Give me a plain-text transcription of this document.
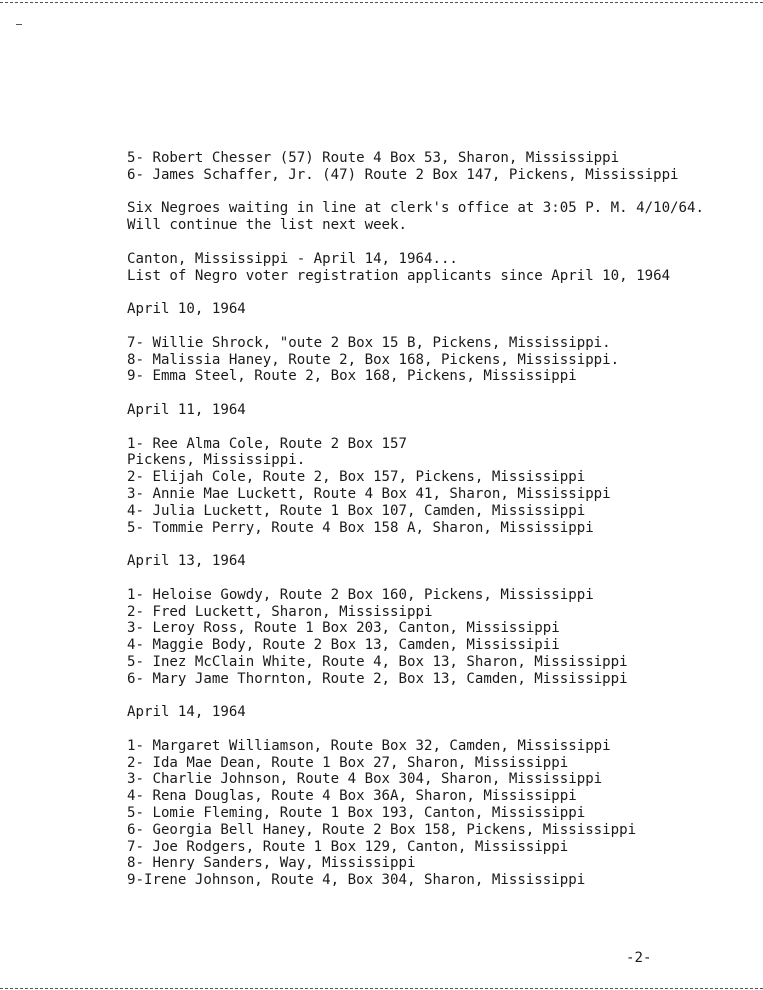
5- Robert Chesser (57) Route 4 Box 53, Sharon, Mississippi
6- James Schaffer, Jr. (47) Route 2 Box 147, Pickens, Mississippi
Six Negroes waiting in line at clerk's office at 3:05 P. M. 4/10/64.
Will continue the list next week.
Canton, Mississippi - April 14, 1964...
List of Negro voter registration applicants since April 10, 1964
April 10, 1964
7- Willie Shrock, "oute 2 Box 15 B, Pickens, Mississippi.
8- Malissia Haney, Route 2, Box 168, Pickens, Mississippi.
9- Emma Steel, Route 2, Box 168, Pickens, Mississippi
April 11, 1964
1- Ree Alma Cole, Route 2 Box 157
Pickens, Mississippi.
2- Elijah Cole, Route 2, Box 157, Pickens, Mississippi
3- Annie Mae Luckett, Route 4 Box 41, Sharon, Mississippi
4- Julia Luckett, Route 1 Box 107, Camden, Mississippi
5- Tommie Perry, Route 4 Box 158 A, Sharon, Mississippi
April 13, 1964
1- Heloise Gowdy, Route 2 Box 160, Pickens, Mississippi
2- Fred Luckett, Sharon, Mississippi
3- Leroy Ross, Route 1 Box 203, Canton, Mississippi
4- Maggie Body, Route 2 Box 13, Camden, Mississipii
5- Inez McClain White, Route 4, Box 13, Sharon, Mississippi
6- Mary Jame Thornton, Route 2, Box 13, Camden, Mississippi
April 14, 1964
1- Margaret Williamson, Route Box 32, Camden, Mississippi
2- Ida Mae Dean, Route 1 Box 27, Sharon, Mississippi
3- Charlie Johnson, Route 4 Box 304, Sharon, Mississippi
4- Rena Douglas, Route 4 Box 36A, Sharon, Mississippi
5- Lomie Fleming, Route 1 Box 193, Canton, Mississippi
6- Georgia Bell Haney, Route 2 Box 158, Pickens, Mississippi
7- Joe Rodgers, Route 1 Box 129, Canton, Mississippi
8- Henry Sanders, Way, Mississippi
9-Irene Johnson, Route 4, Box 304, Sharon, Mississippi
-2-
